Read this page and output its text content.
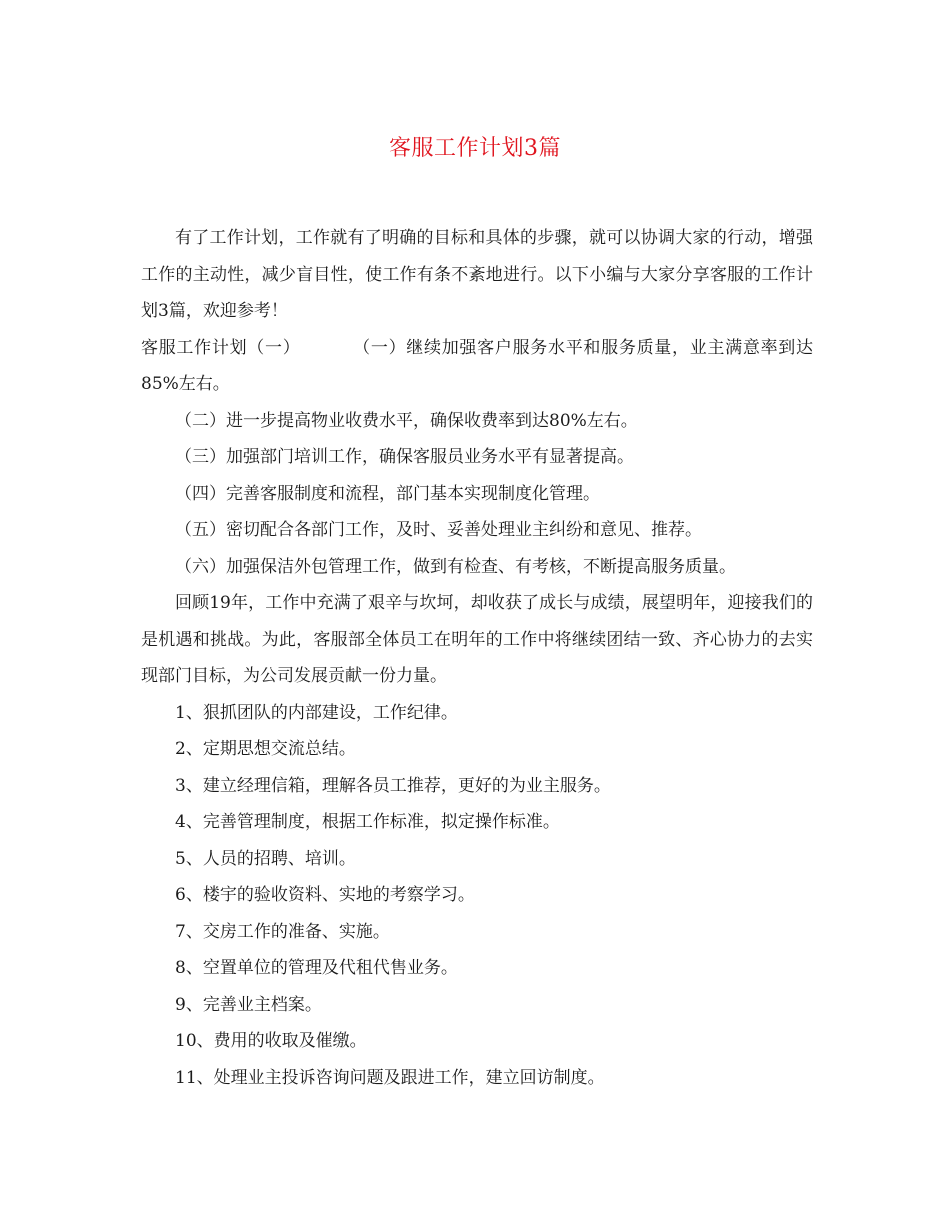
客服工作计划3篇

有了工作计划，工作就有了明确的目标和具体的步骤，就可以协调大家的行动，增强工作的主动性，减少盲目性，使工作有条不紊地进行。以下小编与大家分享客服的工作计划3篇，欢迎参考！

客服工作计划（一）	（一）继续加强客户服务水平和服务质量，业主满意率到达85%左右。

（二）进一步提高物业收费水平，确保收费率到达80%左右。

（三）加强部门培训工作，确保客服员业务水平有显著提高。

（四）完善客服制度和流程，部门基本实现制度化管理。

（五）密切配合各部门工作，及时、妥善处理业主纠纷和意见、推荐。

（六）加强保洁外包管理工作，做到有检查、有考核，不断提高服务质量。

回顾19年，工作中充满了艰辛与坎坷，却收获了成长与成绩，展望明年，迎接我们的是机遇和挑战。为此，客服部全体员工在明年的工作中将继续团结一致、齐心协力的去实现部门目标，为公司发展贡献一份力量。

1、狠抓团队的内部建设，工作纪律。

2、定期思想交流总结。

3、建立经理信箱，理解各员工推荐，更好的为业主服务。

4、完善管理制度，根据工作标准，拟定操作标准。

5、人员的招聘、培训。

6、楼宇的验收资料、实地的考察学习。

7、交房工作的准备、实施。

8、空置单位的管理及代租代售业务。

9、完善业主档案。

10、费用的收取及催缴。

11、处理业主投诉咨询问题及跟进工作，建立回访制度。
